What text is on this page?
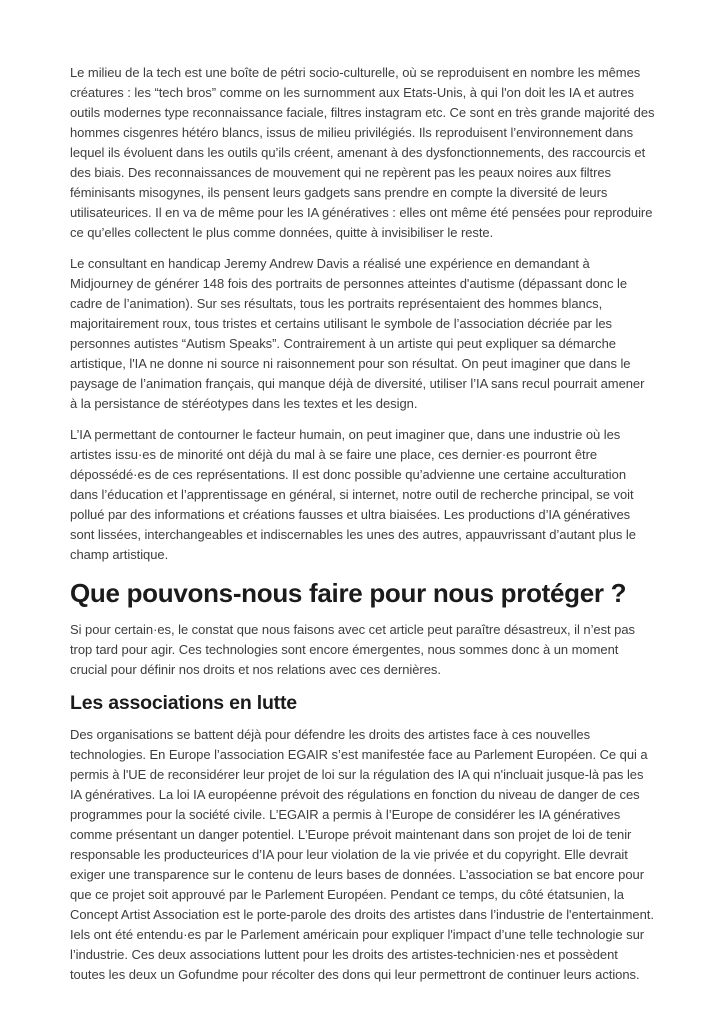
Le milieu de la tech est une boîte de pétri socio-culturelle, où se reproduisent en nombre les mêmes créatures : les “tech bros” comme on les surnomment aux Etats-Unis, à qui l'on doit les IA et autres outils modernes type reconnaissance faciale, filtres instagram etc. Ce sont en très grande majorité des hommes cisgenres hétéro blancs, issus de milieu privilégiés. Ils reproduisent l’environnement dans lequel ils évoluent dans les outils qu’ils créent, amenant à des dysfonctionnements, des raccourcis et des biais. Des reconnaissances de mouvement qui ne repèrent pas les peaux noires aux filtres féminisants misogynes, ils pensent leurs gadgets sans prendre en compte la diversité de leurs utilisateurices. Il en va de même pour les IA génératives : elles ont même été pensées pour reproduire ce qu’elles collectent le plus comme données, quitte à invisibiliser le reste.

Le consultant en handicap Jeremy Andrew Davis a réalisé une expérience en demandant à Midjourney de générer 148 fois des portraits de personnes atteintes d'autisme (dépassant donc le cadre de l’animation). Sur ses résultats, tous les portraits représentaient des hommes blancs, majoritairement roux, tous tristes et certains utilisant le symbole de l’association décriée par les personnes autistes “Autism Speaks”. Contrairement à un artiste qui peut expliquer sa démarche artistique, l'IA ne donne ni source ni raisonnement pour son résultat. On peut imaginer que dans le paysage de l’animation français, qui manque déjà de diversité, utiliser l’IA sans recul pourrait amener à la persistance de stéréotypes dans les textes et les design.

L’IA permettant de contourner le facteur humain, on peut imaginer que, dans une industrie où les artistes issu·es de minorité ont déjà du mal à se faire une place, ces dernier·es pourront être dépossédé·es de ces représentations. Il est donc possible qu’advienne une certaine acculturation dans l’éducation et l’apprentissage en général, si internet, notre outil de recherche principal, se voit pollué par des informations et créations fausses et ultra biaisées. Les productions d’IA génératives sont lissées, interchangeables et indiscernables les unes des autres, appauvrissant d’autant plus le champ artistique.

Que pouvons-nous faire pour nous protéger ?

Si pour certain·es, le constat que nous faisons avec cet article peut paraître désastreux, il n’est pas trop tard pour agir. Ces technologies sont encore émergentes, nous sommes donc à un moment crucial pour définir nos droits et nos relations avec ces dernières.

Les associations en lutte

Des organisations se battent déjà pour défendre les droits des artistes face à ces nouvelles technologies. En Europe l’association EGAIR s’est manifestée face au Parlement Européen. Ce qui a permis à l'UE de reconsidérer leur projet de loi sur la régulation des IA qui n'incluait jusque-là pas les IA génératives. La loi IA européenne prévoit des régulations en fonction du niveau de danger de ces programmes pour la société civile. L’EGAIR a permis à l’Europe de considérer les IA génératives comme présentant un danger potentiel. L'Europe prévoit maintenant dans son projet de loi de tenir responsable les producteurices d’IA pour leur violation de la vie privée et du copyright. Elle devrait exiger une transparence sur le contenu de leurs bases de données. L’association se bat encore pour que ce projet soit approuvé par le Parlement Européen. Pendant ce temps, du côté étatsunien, la Concept Artist Association est le porte-parole des droits des artistes dans l’industrie de l'entertainment. Iels ont été entendu·es par le Parlement américain pour expliquer l'impact d’une telle technologie sur l’industrie. Ces deux associations luttent pour les droits des artistes-technicien·nes et possèdent toutes les deux un Gofundme pour récolter des dons qui leur permettront de continuer leurs actions.
